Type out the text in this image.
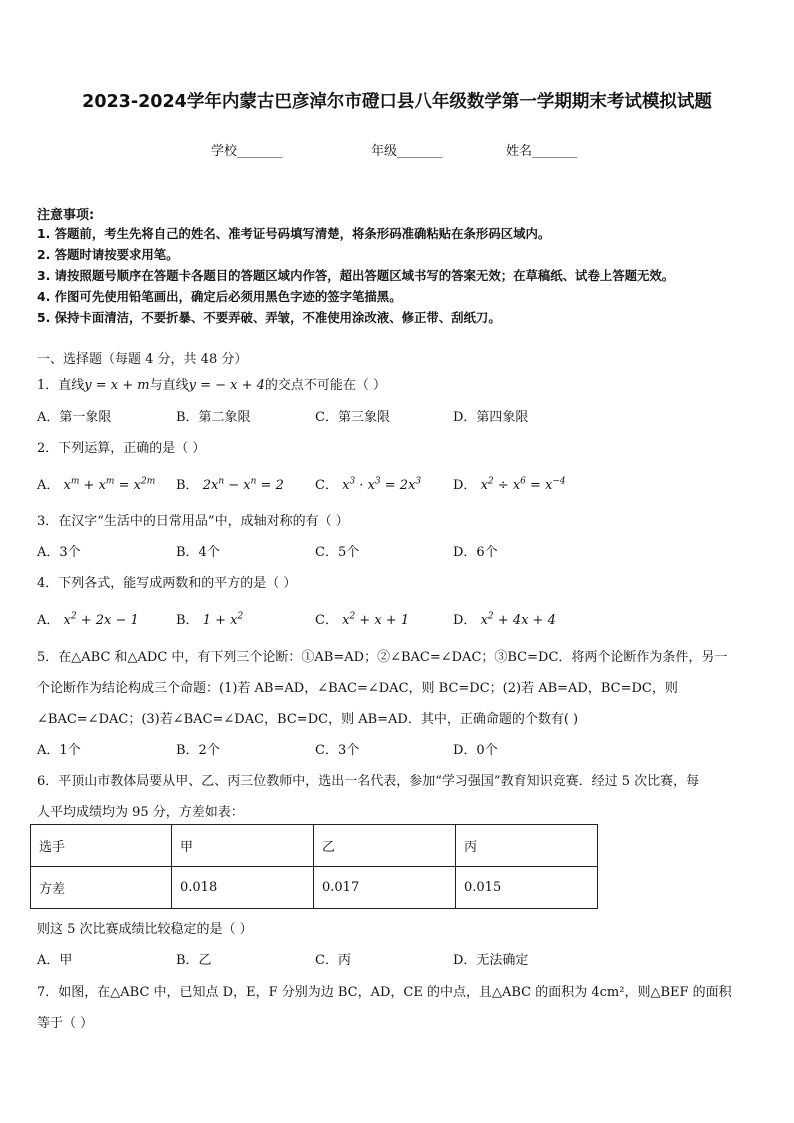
2023-2024学年内蒙古巴彦淖尔市磴口县八年级数学第一学期期末考试模拟试题
学校_______	年级_______	姓名_______
注意事项:
1. 答题前，考生先将自己的姓名、准考证号码填写清楚，将条形码准确粘贴在条形码区域内。
2. 答题时请按要求用笔。
3. 请按照题号顺序在答题卡各题目的答题区域内作答，超出答题区域书写的答案无效；在草稿纸、试卷上答题无效。
4. 作图可先使用铅笔画出，确定后必须用黑色字迹的签字笔描黑。
5. 保持卡面清洁，不要折暴、不要弄破、弄皱，不准使用涂改液、修正带、刮纸刀。
一、选择题（每题 4 分，共 48 分）
1．直线y = x + m与直线y = − x + 4的交点不可能在（ ）
A．第一象限	B．第二象限	C．第三象限	D．第四象限
2．下列运算，正确的是（ ）
A． $x^m + x^m = x^{2m}$ B． $2x^n - x^n = 2$ C． $x^3 \cdot x^3 = 2x^3$ D． $x^2 \div x^6 = x^{-4}$
3．在汉字“生活中的日常用品”中，成轴对称的有（ ）
A．3个	B．4个	C．5个	D．6个
4．下列各式，能写成两数和的平方的是（ ）
A． $x^2 + 2x - 1$	B． $1 + x^2$	C． $x^2 + x + 1$	D． $x^2 + 4x + 4$
5．在△ABC 和△ADC 中，有下列三个论断：①AB=AD；②∠BAC=∠DAC；③BC=DC．将两个论断作为条件，另一
个论断作为结论构成三个命题：(1)若 AB=AD，∠BAC=∠DAC，则 BC=DC；(2)若 AB=AD，BC=DC，则
∠BAC=∠DAC；(3)若∠BAC=∠DAC，BC=DC，则 AB=AD．其中，正确命题的个数有( )
A．1个	B．2个	C．3个	D．0个
6．平顶山市教体局要从甲、乙、丙三位教师中，选出一名代表，参加“学习强国”教育知识竞赛．经过 5 次比赛，每
人平均成绩均为 95 分，方差如表：
选手	甲	乙	丙
方差	0.018	0.017	0.015
则这 5 次比赛成绩比较稳定的是（ ）
A．甲	B．乙	C．丙	D．无法确定
7．如图，在△ABC 中，已知点 D，E，F 分别为边 BC，AD，CE 的中点，且△ABC 的面积为 4cm²，则△BEF 的面积
等于（ ）
